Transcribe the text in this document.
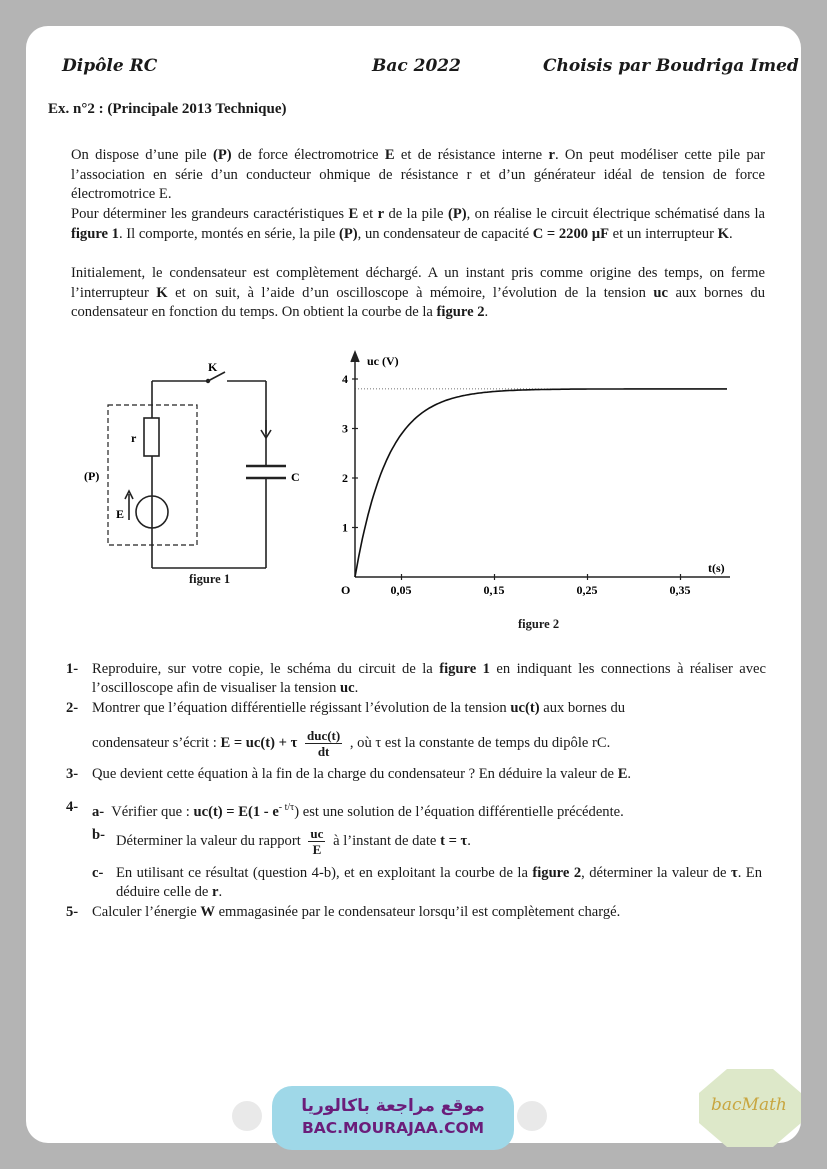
Dipôle RC	Bac 2022	Choisis par Boudriga Imed
Ex. n°2 : (Principale 2013 Technique)

On dispose d’une pile (P) de force électromotrice E et de résistance interne r. On peut modéliser cette pile par l’association en série d’un conducteur ohmique de résistance r et d’un générateur idéal de tension de force électromotrice E.

Pour déterminer les grandeurs caractéristiques E et r de la pile (P), on réalise le circuit électrique schématisé dans la figure 1. Il comporte, montés en série, la pile (P), un condensateur de capacité C = 2200 µF et un interrupteur K.

Initialement, le condensateur est complètement déchargé. A un instant pris comme origine des temps, on ferme l’interrupteur K et on suit, à l’aide d’un oscilloscope à mémoire, l’évolution de la tension uc aux bornes du condensateur en fonction du temps. On obtient la courbe de la figure 2.

K
r
(P)
E
C
figure 1
0,05	0,15	0,25	0,35
1
2
3
4
uc (V)
t(s)
O
figure 2
1- Reproduire, sur votre copie, le schéma du circuit de la figure 1 en indiquant les connections à réaliser avec l’oscilloscope afin de visualiser la tension uc.
2- Montrer que l’équation différentielle régissant l’évolution de la tension uc(t) aux bornes du
condensateur s’écrit : E = uc(t) + τ $\frac{\text{duc(t)}}{dt}$ , où τ est la constante de temps du dipôle rC.
3- Que devient cette équation à la fin de la charge du condensateur ? En déduire la valeur de E.
4- a- Vérifier que : $uc(t) = E(1 - e^{- t/\tau})$ est une solution de l’équation différentielle précédente.
b- Déterminer la valeur du rapport $\frac{uc}{E}$ à l’instant de date t = τ.
c- En utilisant ce résultat (question 4-b), et en exploitant la courbe de la figure 2, déterminer la valeur de τ. En déduire celle de r.
5- Calculer l’énergie W emmagasinée par le condensateur lorsqu’il est complètement chargé.
موقع مراجعة باكالوريا
BAC.MOURAJAA.COM
bacMath
